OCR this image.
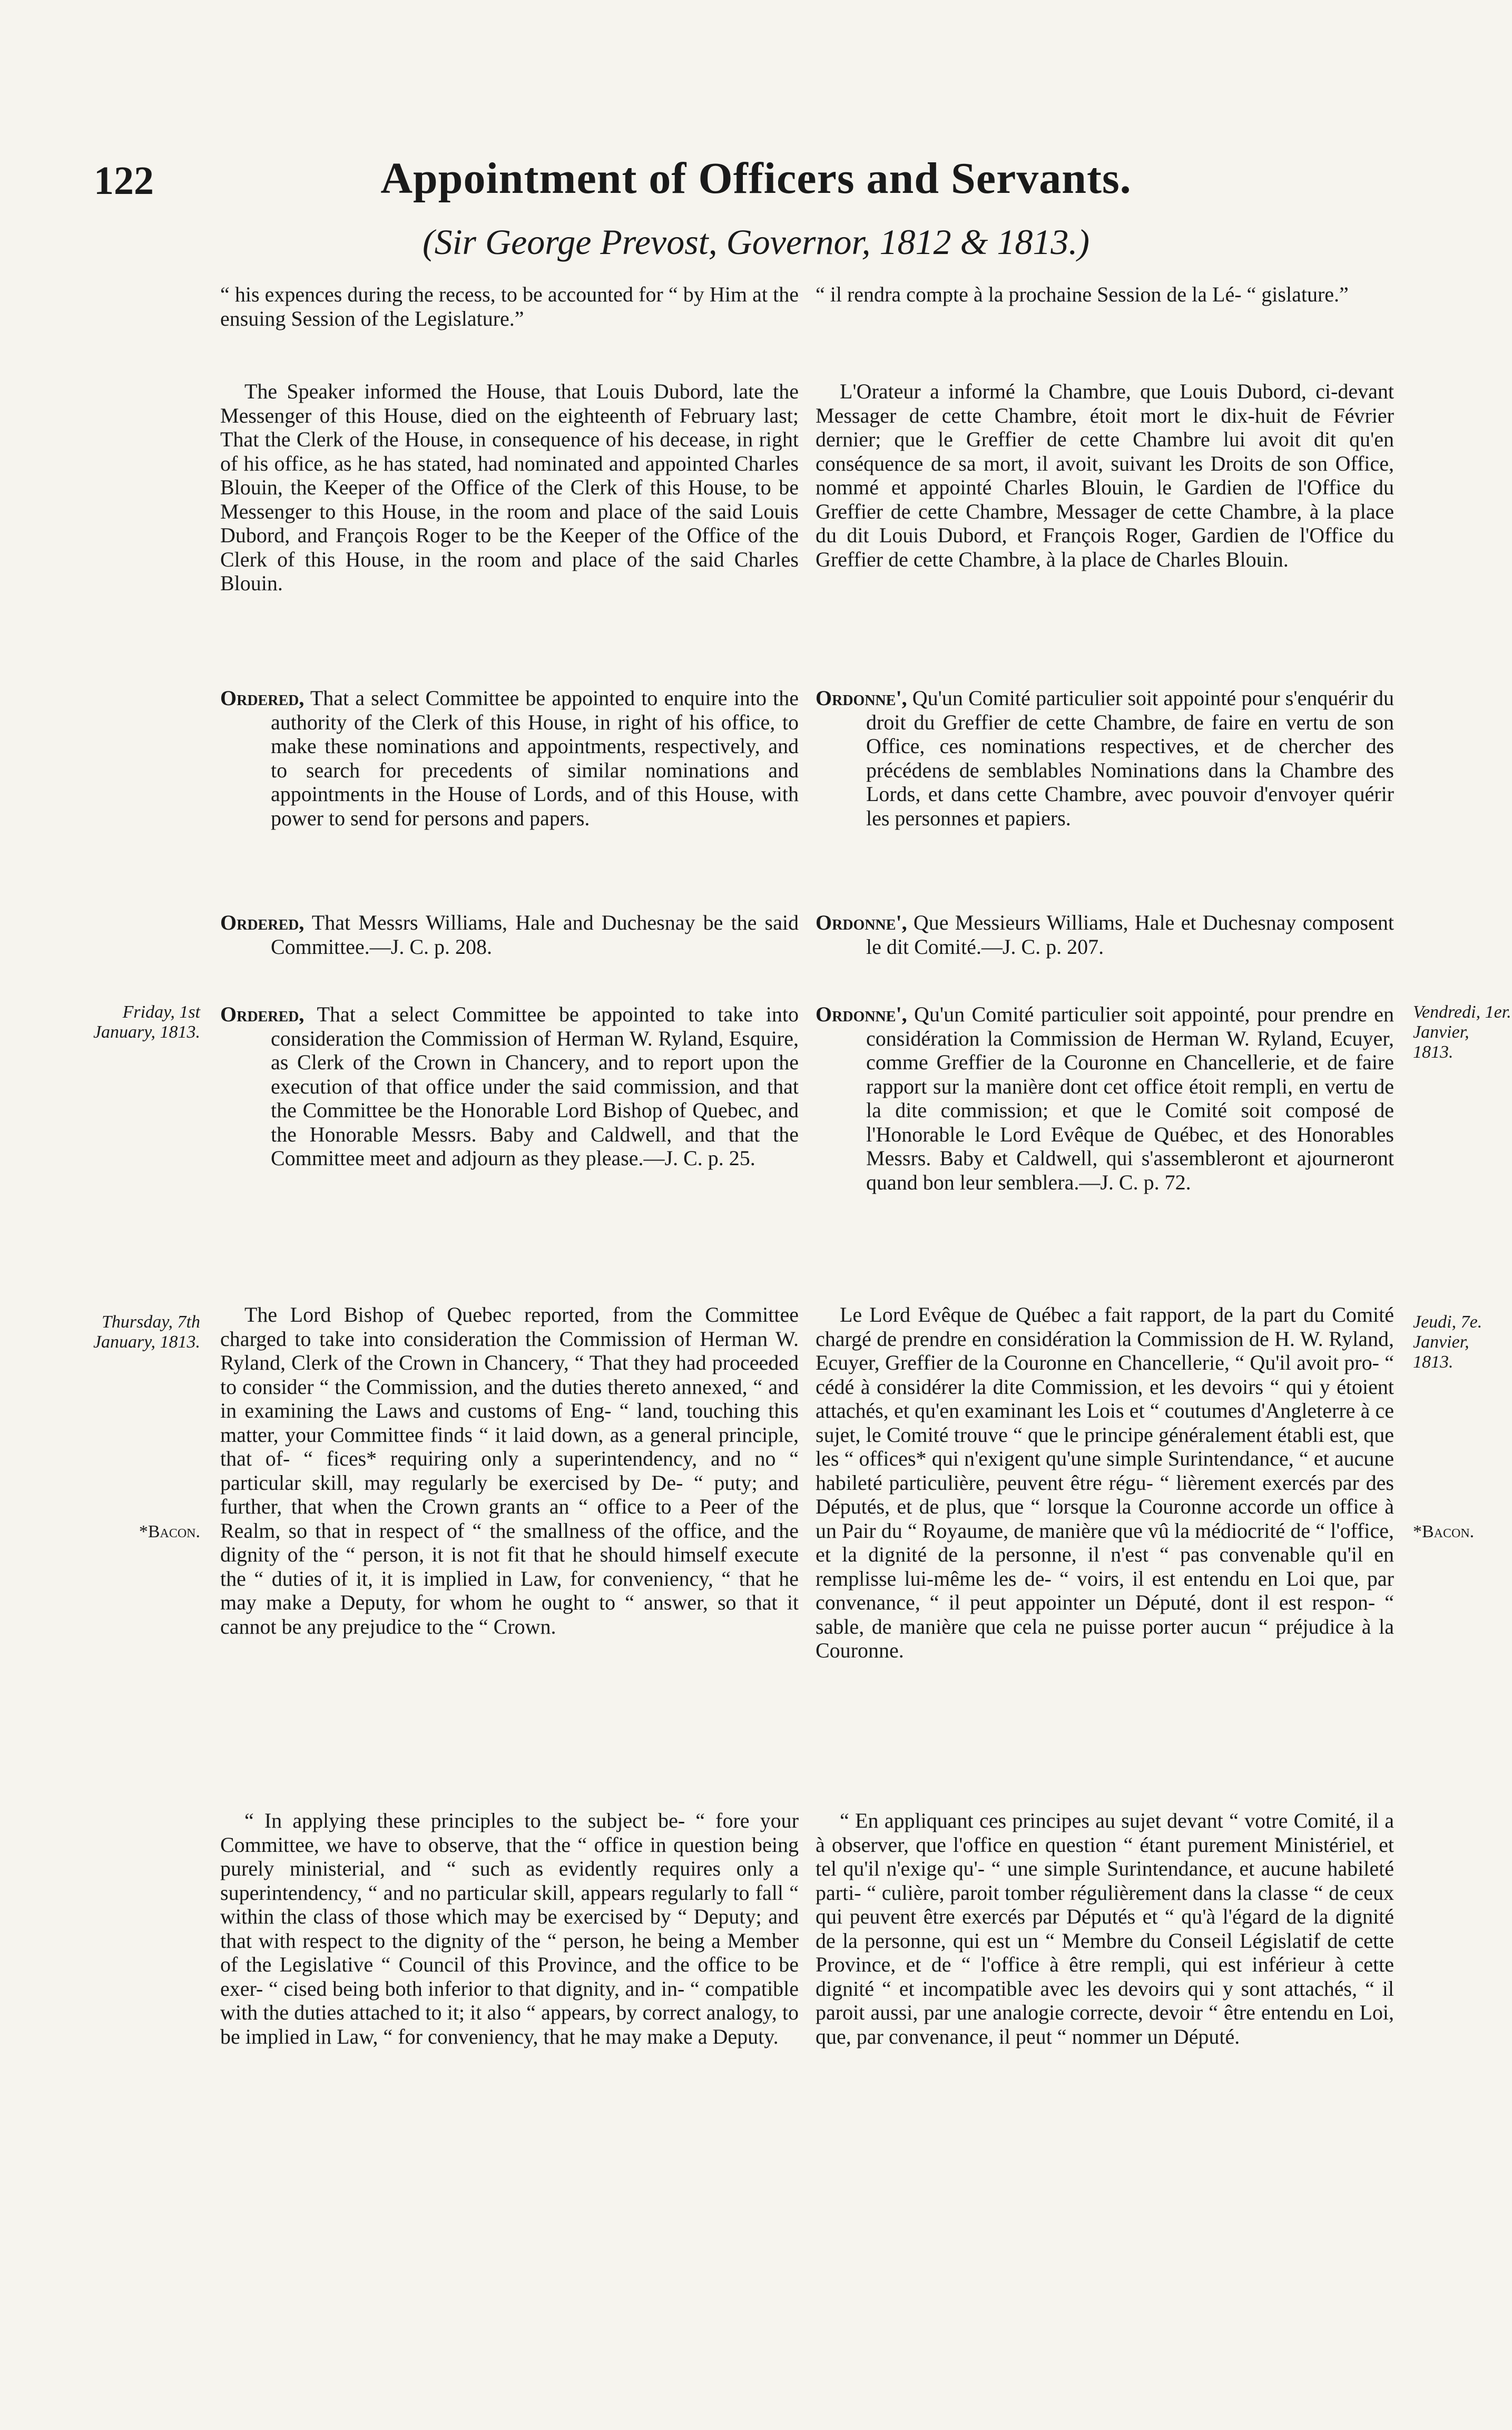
122	Appointment of Officers and Servants.
(Sir George Prevost, Governor, 1812 & 1813.)

“ his expences during the recess, to be accounted for “ by Him at the ensuing Session of the Legislature.”

The Speaker informed the House, that Louis Dubord, late the Messenger of this House, died on the eighteenth of February last; That the Clerk of the House, in consequence of his decease, in right of his office, as he has stated, had nominated and appointed Charles Blouin, the Keeper of the Office of the Clerk of this House, to be Messenger to this House, in the room and place of the said Louis Dubord, and François Roger to be the Keeper of the Office of the Clerk of this House, in the room and place of the said Charles Blouin.

Ordered, That a select Committee be appointed to enquire into the authority of the Clerk of this House, in right of his office, to make these nominations and appointments, respectively, and to search for precedents of similar nominations and appointments in the House of Lords, and of this House, with power to send for persons and papers.

Ordered, That Messrs Williams, Hale and Duchesnay be the said Committee.—J. C. p. 208.

Ordered, That a select Committee be appointed to take into consideration the Commission of Herman W. Ryland, Esquire, as Clerk of the Crown in Chancery, and to report upon the execution of that office under the said commission, and that the Committee be the Honorable Lord Bishop of Quebec, and the Honorable Messrs. Baby and Caldwell, and that the Committee meet and adjourn as they please.—J. C. p. 25.

The Lord Bishop of Quebec reported, from the Committee charged to take into consideration the Commission of Herman W. Ryland, Clerk of the Crown in Chancery, “ That they had proceeded to consider “ the Commission, and the duties thereto annexed, “ and in examining the Laws and customs of Eng- “ land, touching this matter, your Committee finds “ it laid down, as a general principle, that of- “ fices* requiring only a superintendency, and no “ particular skill, may regularly be exercised by De- “ puty; and further, that when the Crown grants an “ office to a Peer of the Realm, so that in respect of “ the smallness of the office, and the dignity of the “ person, it is not fit that he should himself execute the “ duties of it, it is implied in Law, for conveniency, “ that he may make a Deputy, for whom he ought to “ answer, so that it cannot be any prejudice to the “ Crown.

“ In applying these principles to the subject be- “ fore your Committee, we have to observe, that the “ office in question being purely ministerial, and “ such as evidently requires only a superintendency, “ and no particular skill, appears regularly to fall “ within the class of those which may be exercised by “ Deputy; and that with respect to the dignity of the “ person, he being a Member of the Legislative “ Council of this Province, and the office to be exer- “ cised being both inferior to that dignity, and in- “ compatible with the duties attached to it; it also “ appears, by correct analogy, to be implied in Law, “ for conveniency, that he may make a Deputy.

“ il rendra compte à la prochaine Session de la Lé- “ gislature.”

L'Orateur a informé la Chambre, que Louis Dubord, ci-devant Messager de cette Chambre, étoit mort le dix-huit de Février dernier; que le Greffier de cette Chambre lui avoit dit qu'en conséquence de sa mort, il avoit, suivant les Droits de son Office, nommé et appointé Charles Blouin, le Gardien de l'Office du Greffier de cette Chambre, Messager de cette Chambre, à la place du dit Louis Dubord, et François Roger, Gardien de l'Office du Greffier de cette Chambre, à la place de Charles Blouin.

Ordonne', Qu'un Comité particulier soit appointé pour s'enquérir du droit du Greffier de cette Chambre, de faire en vertu de son Office, ces nominations respectives, et de chercher des précédens de semblables Nominations dans la Chambre des Lords, et dans cette Chambre, avec pouvoir d'envoyer quérir les personnes et papiers.

Ordonne', Que Messieurs Williams, Hale et Duchesnay composent le dit Comité.—J. C. p. 207.

Ordonne', Qu'un Comité particulier soit appointé, pour prendre en considération la Commission de Herman W. Ryland, Ecuyer, comme Greffier de la Couronne en Chancellerie, et de faire rapport sur la manière dont cet office étoit rempli, en vertu de la dite commission; et que le Comité soit composé de l'Honorable le Lord Evêque de Québec, et des Honorables Messrs. Baby et Caldwell, qui s'assembleront et ajourneront quand bon leur semblera.—J. C. p. 72.

Le Lord Evêque de Québec a fait rapport, de la part du Comité chargé de prendre en considération la Commission de H. W. Ryland, Ecuyer, Greffier de la Couronne en Chancellerie, “ Qu'il avoit pro- “ cédé à considérer la dite Commission, et les devoirs “ qui y étoient attachés, et qu'en examinant les Lois et “ coutumes d'Angleterre à ce sujet, le Comité trouve “ que le principe généralement établi est, que les “ offices* qui n'exigent qu'une simple Surintendance, “ et aucune habileté particulière, peuvent être régu- “ lièrement exercés par des Députés, et de plus, que “ lorsque la Couronne accorde un office à un Pair du “ Royaume, de manière que vû la médiocrité de “ l'office, et la dignité de la personne, il n'est “ pas convenable qu'il en remplisse lui-même les de- “ voirs, il est entendu en Loi que, par convenance, “ il peut appointer un Député, dont il est respon- “ sable, de manière que cela ne puisse porter aucun “ préjudice à la Couronne.

“ En appliquant ces principes au sujet devant “ votre Comité, il a à observer, que l'office en question “ étant purement Ministériel, et tel qu'il n'exige qu'- “ une simple Surintendance, et aucune habileté parti- “ culière, paroit tomber régulièrement dans la classe “ de ceux qui peuvent être exercés par Députés et “ qu'à l'égard de la dignité de la personne, qui est un “ Membre du Conseil Législatif de cette Province, et de “ l'office à être rempli, qui est inférieur à cette dignité “ et incompatible avec les devoirs qui y sont attachés, “ il paroit aussi, par une analogie correcte, devoir “ être entendu en Loi, que, par convenance, il peut “ nommer un Député.

Friday, 1st January, 1813.
Thursday, 7th January, 1813.
*Bacon.
Vendredi, 1er. Janvier, 1813.
Jeudi, 7e. Janvier, 1813.
*Bacon.
